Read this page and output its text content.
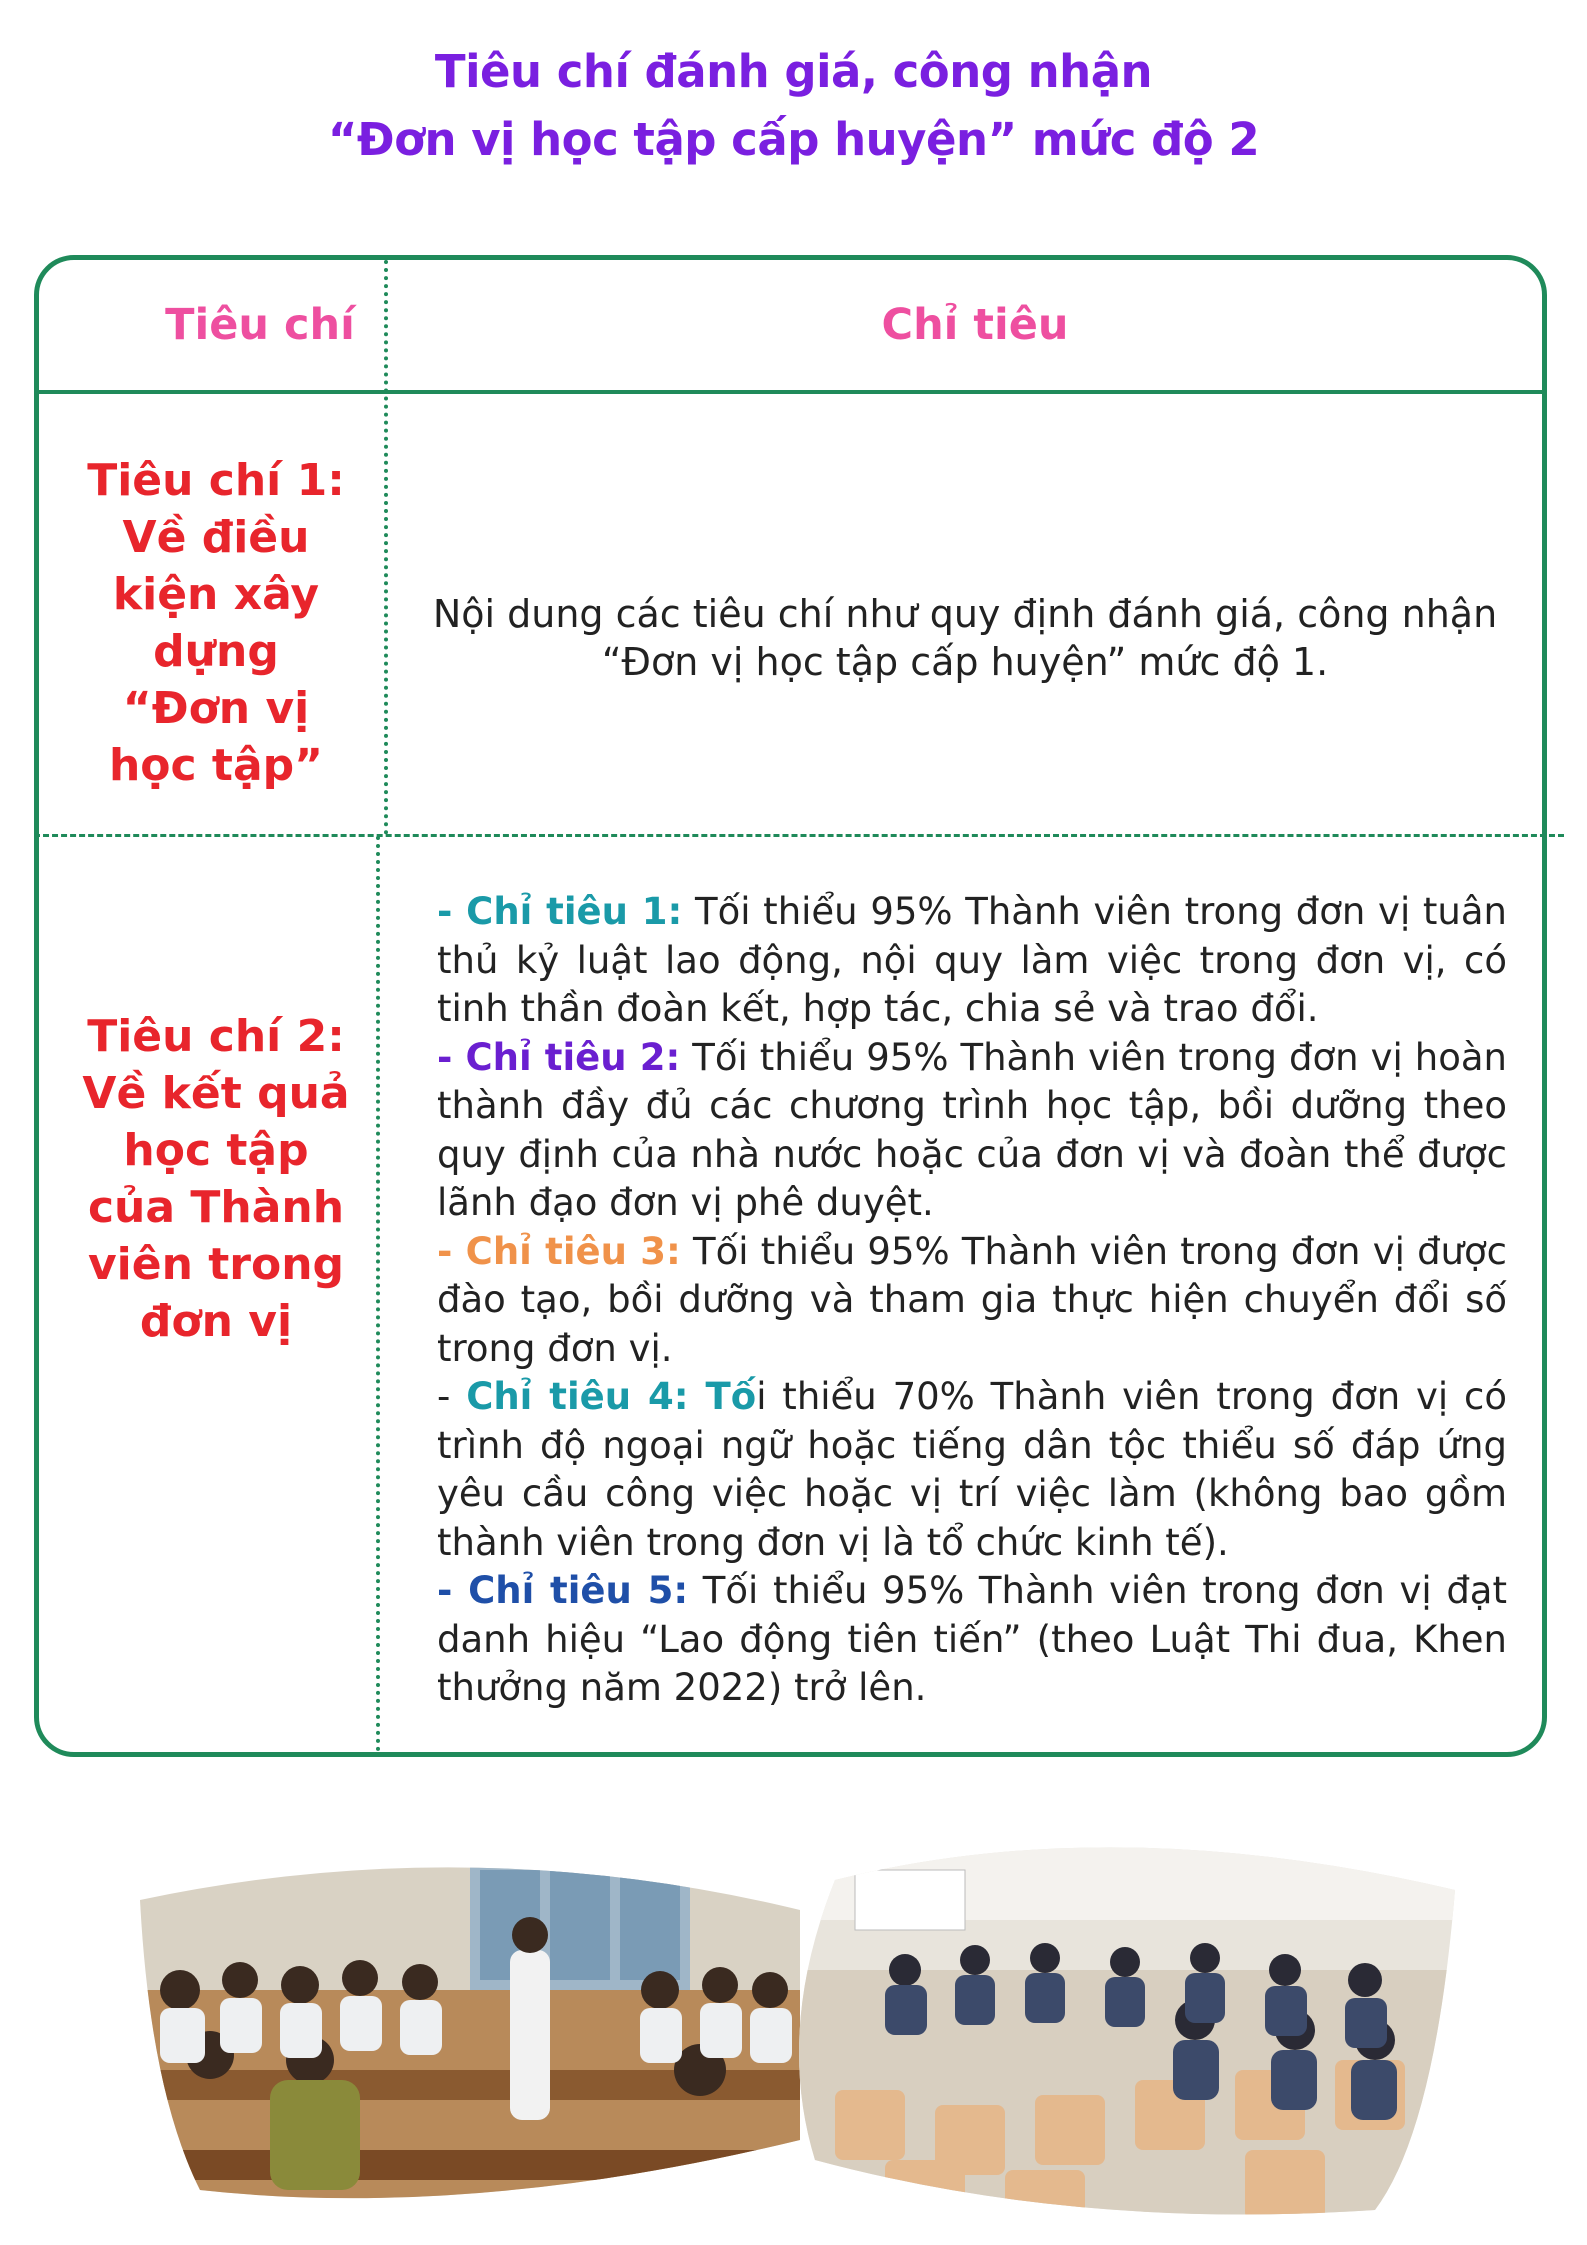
Tiêu chí đánh giá, công nhận
“Đơn vị học tập cấp huyện” mức độ 2
Tiêu chí	Chỉ tiêu
Tiêu chí 1:
Về điều
kiện xây
dựng
“Đơn vị
học tập”
Nội dung các tiêu chí như quy định đánh giá, công nhận
“Đơn vị học tập cấp huyện” mức độ 1.
Tiêu chí 2:
Về kết quả
học tập
của Thành
viên trong
đơn vị

- Chỉ tiêu 1: Tối thiểu 95% Thành viên trong đơn vị tuân thủ kỷ luật lao động, nội quy làm việc trong đơn vị, có tinh thần đoàn kết, hợp tác, chia sẻ và trao đổi.

- Chỉ tiêu 2: Tối thiểu 95% Thành viên trong đơn vị hoàn thành đầy đủ các chương trình học tập, bồi dưỡng theo quy định của nhà nước hoặc của đơn vị và đoàn thể được lãnh đạo đơn vị phê duyệt.

- Chỉ tiêu 3: Tối thiểu 95% Thành viên trong đơn vị được đào tạo, bồi dưỡng và tham gia thực hiện chuyển đổi số trong đơn vị.

- Chỉ tiêu 4: Tối thiểu 70% Thành viên trong đơn vị có trình độ ngoại ngữ hoặc tiếng dân tộc thiểu số đáp ứng yêu cầu công việc hoặc vị trí việc làm (không bao gồm thành viên trong đơn vị là tổ chức kinh tế).

- Chỉ tiêu 5: Tối thiểu 95% Thành viên trong đơn vị đạt danh hiệu “Lao động tiên tiến” (theo Luật Thi đua, Khen thưởng năm 2022) trở lên.
